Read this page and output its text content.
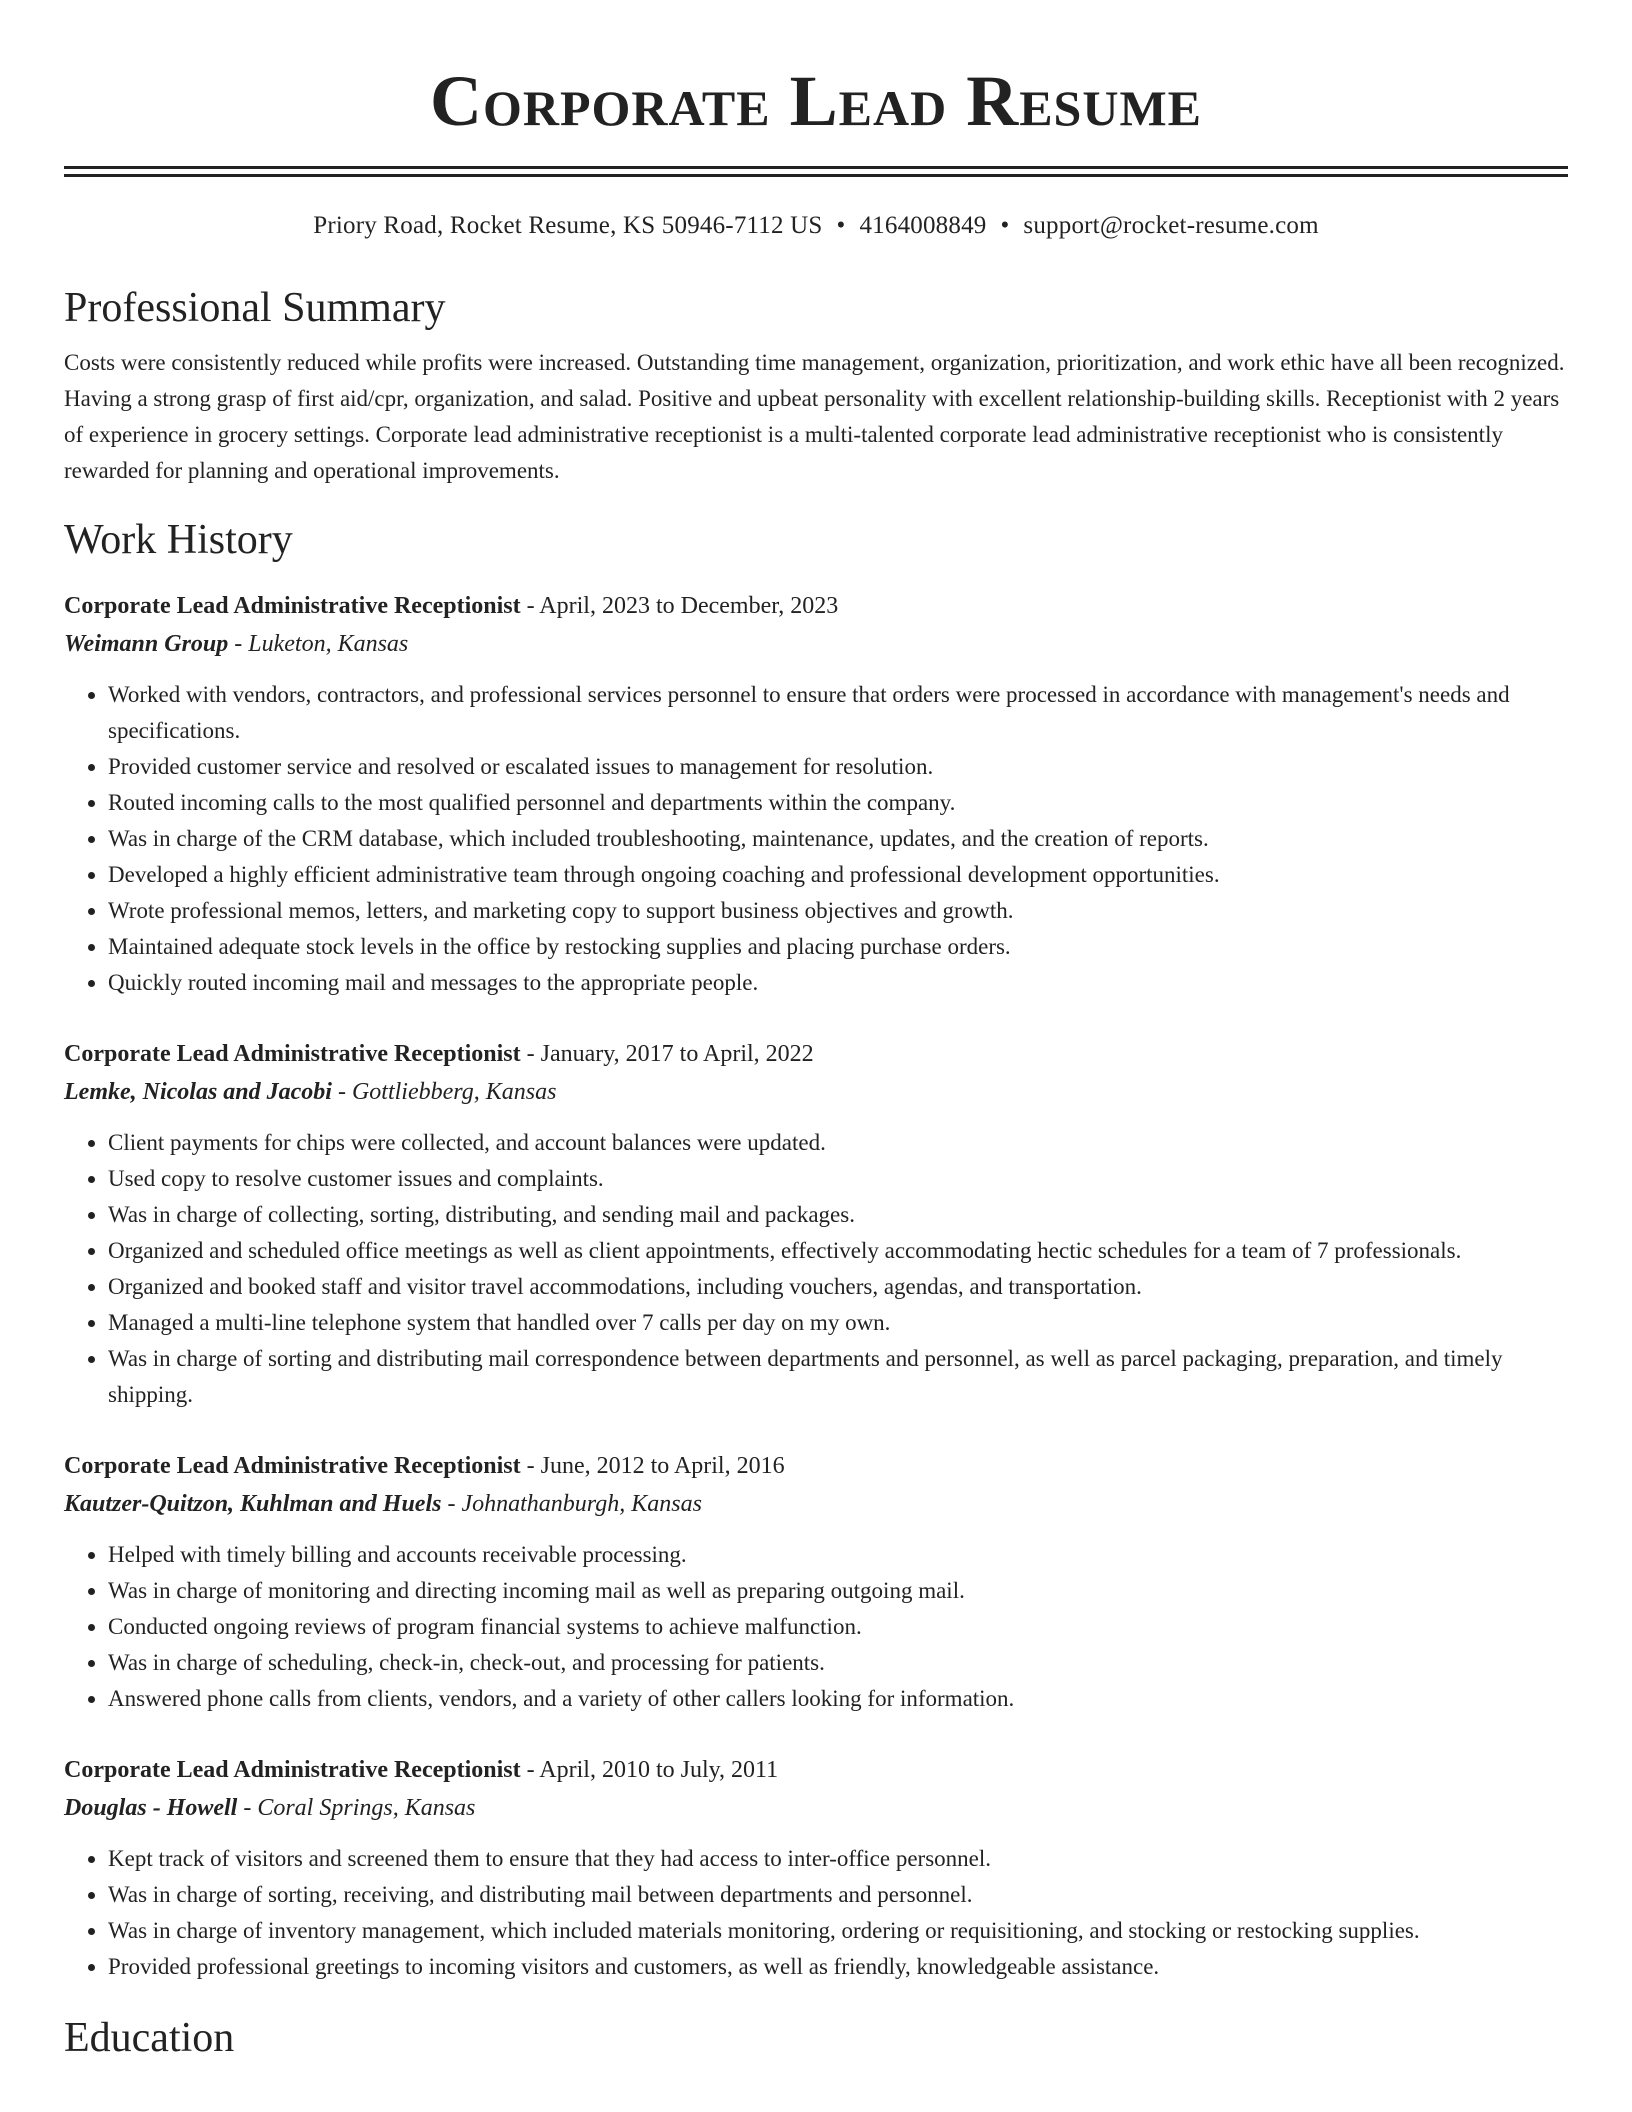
Corporate Lead Resume
Priory Road, Rocket Resume, KS 50946-7112 US • 4164008849 • support@rocket-resume.com
Professional Summary
Costs were consistently reduced while profits were increased. Outstanding time management, organization, prioritization, and work ethic have all been recognized. Having a strong grasp of first aid/cpr, organization, and salad. Positive and upbeat personality with excellent relationship-building skills. Receptionist with 2 years of experience in grocery settings. Corporate lead administrative receptionist is a multi-talented corporate lead administrative receptionist who is consistently rewarded for planning and operational improvements.
Work History
Corporate Lead Administrative Receptionist - April, 2023 to December, 2023
Weimann Group - Luketon, Kansas
• Worked with vendors, contractors, and professional services personnel to ensure that orders were processed in accordance with management's needs and specifications.
• Provided customer service and resolved or escalated issues to management for resolution.
• Routed incoming calls to the most qualified personnel and departments within the company.
• Was in charge of the CRM database, which included troubleshooting, maintenance, updates, and the creation of reports.
• Developed a highly efficient administrative team through ongoing coaching and professional development opportunities.
• Wrote professional memos, letters, and marketing copy to support business objectives and growth.
• Maintained adequate stock levels in the office by restocking supplies and placing purchase orders.
• Quickly routed incoming mail and messages to the appropriate people.
Corporate Lead Administrative Receptionist - January, 2017 to April, 2022
Lemke, Nicolas and Jacobi - Gottliebberg, Kansas
• Client payments for chips were collected, and account balances were updated.
• Used copy to resolve customer issues and complaints.
• Was in charge of collecting, sorting, distributing, and sending mail and packages.
• Organized and scheduled office meetings as well as client appointments, effectively accommodating hectic schedules for a team of 7 professionals.
• Organized and booked staff and visitor travel accommodations, including vouchers, agendas, and transportation.
• Managed a multi-line telephone system that handled over 7 calls per day on my own.
• Was in charge of sorting and distributing mail correspondence between departments and personnel, as well as parcel packaging, preparation, and timely shipping.
Corporate Lead Administrative Receptionist - June, 2012 to April, 2016
Kautzer-Quitzon, Kuhlman and Huels - Johnathanburgh, Kansas
• Helped with timely billing and accounts receivable processing.
• Was in charge of monitoring and directing incoming mail as well as preparing outgoing mail.
• Conducted ongoing reviews of program financial systems to achieve malfunction.
• Was in charge of scheduling, check-in, check-out, and processing for patients.
• Answered phone calls from clients, vendors, and a variety of other callers looking for information.
Corporate Lead Administrative Receptionist - April, 2010 to July, 2011
Douglas - Howell - Coral Springs, Kansas
• Kept track of visitors and screened them to ensure that they had access to inter-office personnel.
• Was in charge of sorting, receiving, and distributing mail between departments and personnel.
• Was in charge of inventory management, which included materials monitoring, ordering or requisitioning, and stocking or restocking supplies.
• Provided professional greetings to incoming visitors and customers, as well as friendly, knowledgeable assistance.
Education
